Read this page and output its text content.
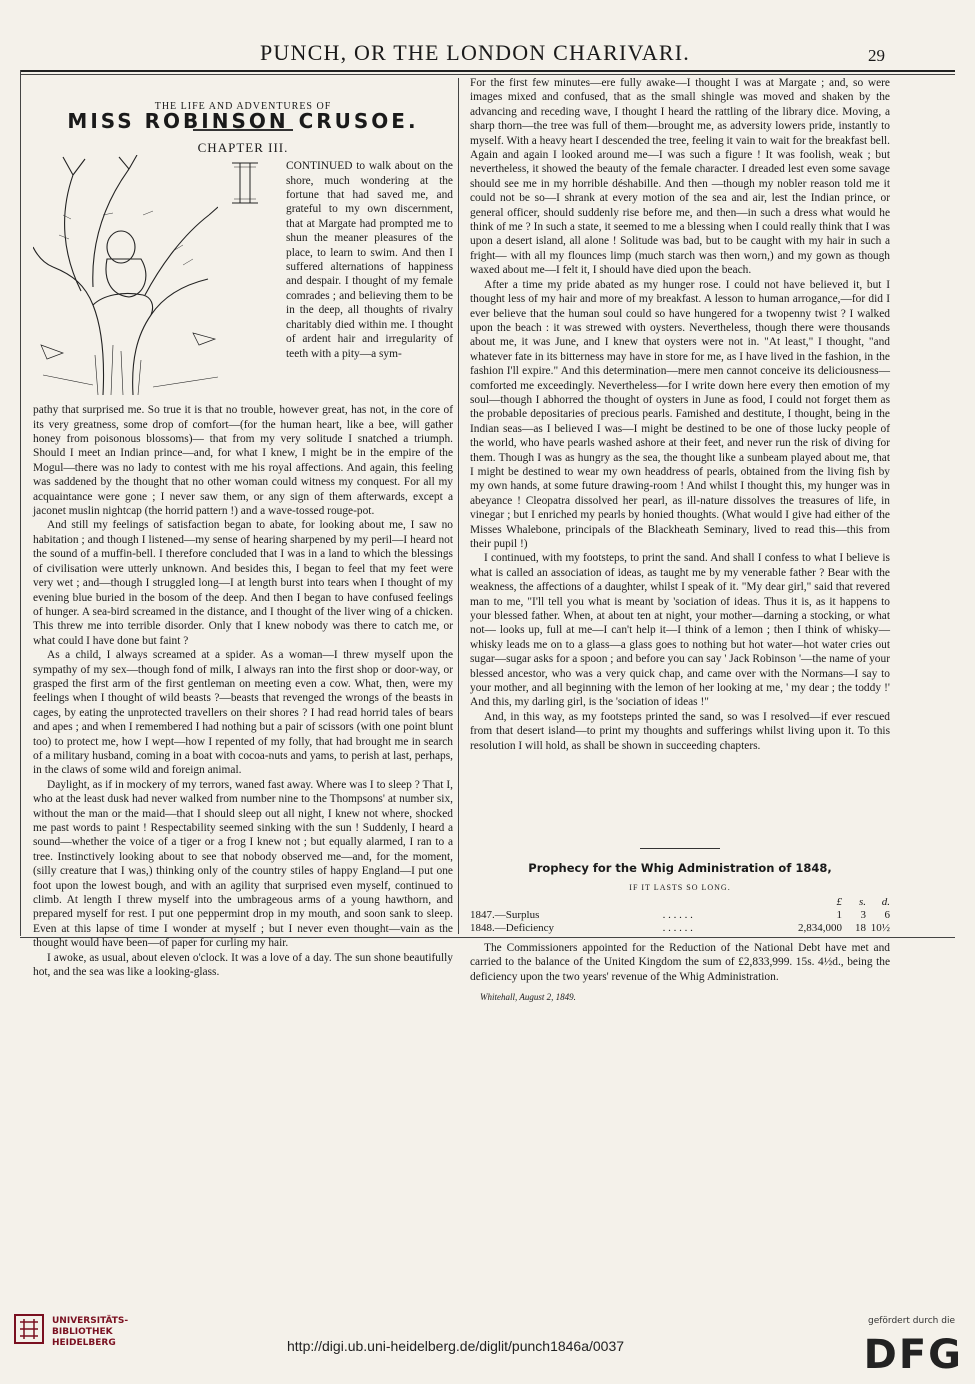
PUNCH, OR THE LONDON CHARIVARI.	29

THE LIFE AND ADVENTURES OF

MISS ROBINSON CRUSOE.

CHAPTER III.

CONTINUED to walk about on the shore, much wondering at the fortune that had saved me, and grateful to my own discernment, that at Margate had prompted me to shun the meaner pleasures of the place, to learn to swim. And then I suffered alternations of happiness and despair. I thought of my female comrades ; and believing them to be in the deep, all thoughts of rivalry charitably died within me. I thought of ardent hair and irregularity of teeth with a pity—a sym-

pathy that surprised me. So true it is that no trouble, however great, has not, in the core of its very greatness, some drop of comfort—(for the human heart, like a bee, will gather honey from poisonous blossoms)— that from my very solitude I snatched a triumph. Should I meet an Indian prince—and, for what I knew, I might be in the empire of the Mogul—there was no lady to contest with me his royal affections. And again, this feeling was saddened by the thought that no other woman could witness my conquest. For all my acquaintance were gone ; I never saw them, or any sign of them afterwards, except a jaconet muslin nightcap (the horrid pattern !) and a wave-tossed rouge-pot.

And still my feelings of satisfaction began to abate, for looking about me, I saw no habitation ; and though I listened—my sense of hearing sharpened by my peril—I heard not the sound of a muffin-bell. I therefore concluded that I was in a land to which the blessings of civilisation were utterly unknown. And besides this, I began to feel that my feet were very wet ; and—though I struggled long—I at length burst into tears when I thought of my evening blue buried in the bosom of the deep. And then I began to have confused feelings of hunger. A sea-bird screamed in the distance, and I thought of the liver wing of a chicken. This threw me into terrible disorder. Only that I knew nobody was there to catch me, or what could I have done but faint ?

As a child, I always screamed at a spider. As a woman—I threw myself upon the sympathy of my sex—though fond of milk, I always ran into the first shop or door-way, or grasped the first arm of the first gentleman on meeting even a cow. What, then, were my feelings when I thought of wild beasts ?—beasts that revenged the wrongs of the beasts in cages, by eating the unprotected travellers on their shores ? I had read horrid tales of bears and apes ; and when I remembered I had nothing but a pair of scissors (with one point blunt too) to protect me, how I wept—how I repented of my folly, that had brought me in search of a military husband, coming in a boat with cocoa-nuts and yams, to perish at last, perhaps, in the claws of some wild and foreign animal.

Daylight, as if in mockery of my terrors, waned fast away. Where was I to sleep ? That I, who at the least dusk had never walked from number nine to the Thompsons' at number six, without the man or the maid—that I should sleep out all night, I knew not where, shocked me past words to paint ! Respectability seemed sinking with the sun ! Suddenly, I heard a sound—whether the voice of a tiger or a frog I knew not ; but equally alarmed, I ran to a tree. Instinctively looking about to see that nobody observed me—and, for the moment, (silly creature that I was,) thinking only of the country stiles of happy England—I put one foot upon the lowest bough, and with an agility that surprised even myself, continued to climb. At length I threw myself into the umbrageous arms of a young hawthorn, and prepared myself for rest. I put one peppermint drop in my mouth, and soon sank to sleep. Even at this lapse of time I wonder at myself ; but I never even thought—vain as the thought would have been—of paper for curling my hair.

I awoke, as usual, about eleven o'clock. It was a love of a day. The sun shone beautifully hot, and the sea was like a looking-glass.

For the first few minutes—ere fully awake—I thought I was at Margate ; and, so were images mixed and confused, that as the small shingle was moved and shaken by the advancing and receding wave, I thought I heard the rattling of the library dice. Moving, a sharp thorn—the tree was full of them—brought me, as adversity lowers pride, instantly to myself. With a heavy heart I descended the tree, feeling it vain to wait for the breakfast bell. Again and again I looked around me—I was such a figure ! It was foolish, weak ; but nevertheless, it showed the beauty of the female character. I dreaded lest even some savage should see me in my horrible déshabille. And then —though my nobler reason told me it could not be so—I shrank at every motion of the sea and air, lest the Indian prince, or general officer, should suddenly rise before me, and then—in such a dress what would he think of me ? In such a state, it seemed to me a blessing when I could really think that I was upon a desert island, all alone ! Solitude was bad, but to be caught with my hair in such a fright— with all my flounces limp (much starch was then worn,) and my gown as though waxed about me—I felt it, I should have died upon the beach.

After a time my pride abated as my hunger rose. I could not have believed it, but I thought less of my hair and more of my breakfast. A lesson to human arrogance,—for did I ever believe that the human soul could so have hungered for a twopenny twist ? I walked upon the beach : it was strewed with oysters. Nevertheless, though there were thousands about me, it was June, and I knew that oysters were not in. "At least," I thought, "and whatever fate in its bitterness may have in store for me, as I have lived in the fashion, in the fashion I'll expire." And this determination—mere men cannot conceive its deliciousness—comforted me exceedingly. Nevertheless—for I write down here every then emotion of my soul—though I abhorred the thought of oysters in June as food, I could not forget them as the probable depositaries of precious pearls. Famished and destitute, I thought, being in the Indian seas—as I believed I was—I might be destined to be one of those lucky people of the world, who have pearls washed ashore at their feet, and never run the risk of diving for them. Though I was as hungry as the sea, the thought like a sunbeam played about me, that I might be destined to wear my own headdress of pearls, obtained from the living fish by my own hands, at some future drawing-room ! And whilst I thought this, my hunger was in abeyance ! Cleopatra dissolved her pearl, as ill-nature dissolves the treasures of life, in vinegar ; but I enriched my pearls by honied thoughts. (What would I give had either of the Misses Whalebone, principals of the Blackheath Seminary, lived to read this—this from their pupil !)

I continued, with my footsteps, to print the sand. And shall I confess to what I believe is what is called an association of ideas, as taught me by my venerable father ? Bear with the weakness, the affections of a daughter, whilst I speak of it. "My dear girl," said that revered man to me, "I'll tell you what is meant by 'sociation of ideas. Thus it is, as it happens to your blessed father. When, at about ten at night, your mother—darning a stocking, or what not— looks up, full at me—I can't help it—I think of a lemon ; then I think of whisky—whisky leads me on to a glass—a glass goes to nothing but hot water—hot water cries out sugar—sugar asks for a spoon ; and before you can say ' Jack Robinson '—the name of your blessed ancestor, who was a very quick chap, and came over with the Normans—I say to your mother, and all beginning with the lemon of her looking at me, ' my dear ; the toddy !' And this, my darling girl, is the 'sociation of ideas !"

And, in this way, as my footsteps printed the sand, so was I resolved—if ever rescued from that desert island—to print my thoughts and sufferings whilst living upon it. To this resolution I will hold, as shall be shown in succeeding chapters.

Prophecy for the Whig Administration of 1848,

IF IT LASTS SO LONG.

		£	s.	d.
1847.—Surplus	. . . . . .	1	3	6
1848.—Deficiency	. . . . . .	2,834,000	18	10½

The Commissioners appointed for the Reduction of the National Debt have met and carried to the balance of the United Kingdom the sum of £2,833,999. 15s. 4½d., being the deficiency upon the two years' revenue of the Whig Administration.

Whitehall, August 2, 1849.

UNIVERSITÄTS- BIBLIOTHEK HEIDELBERG	http://digi.ub.uni-heidelberg.de/diglit/punch1846a/0037
gefördert durch die
DFG
